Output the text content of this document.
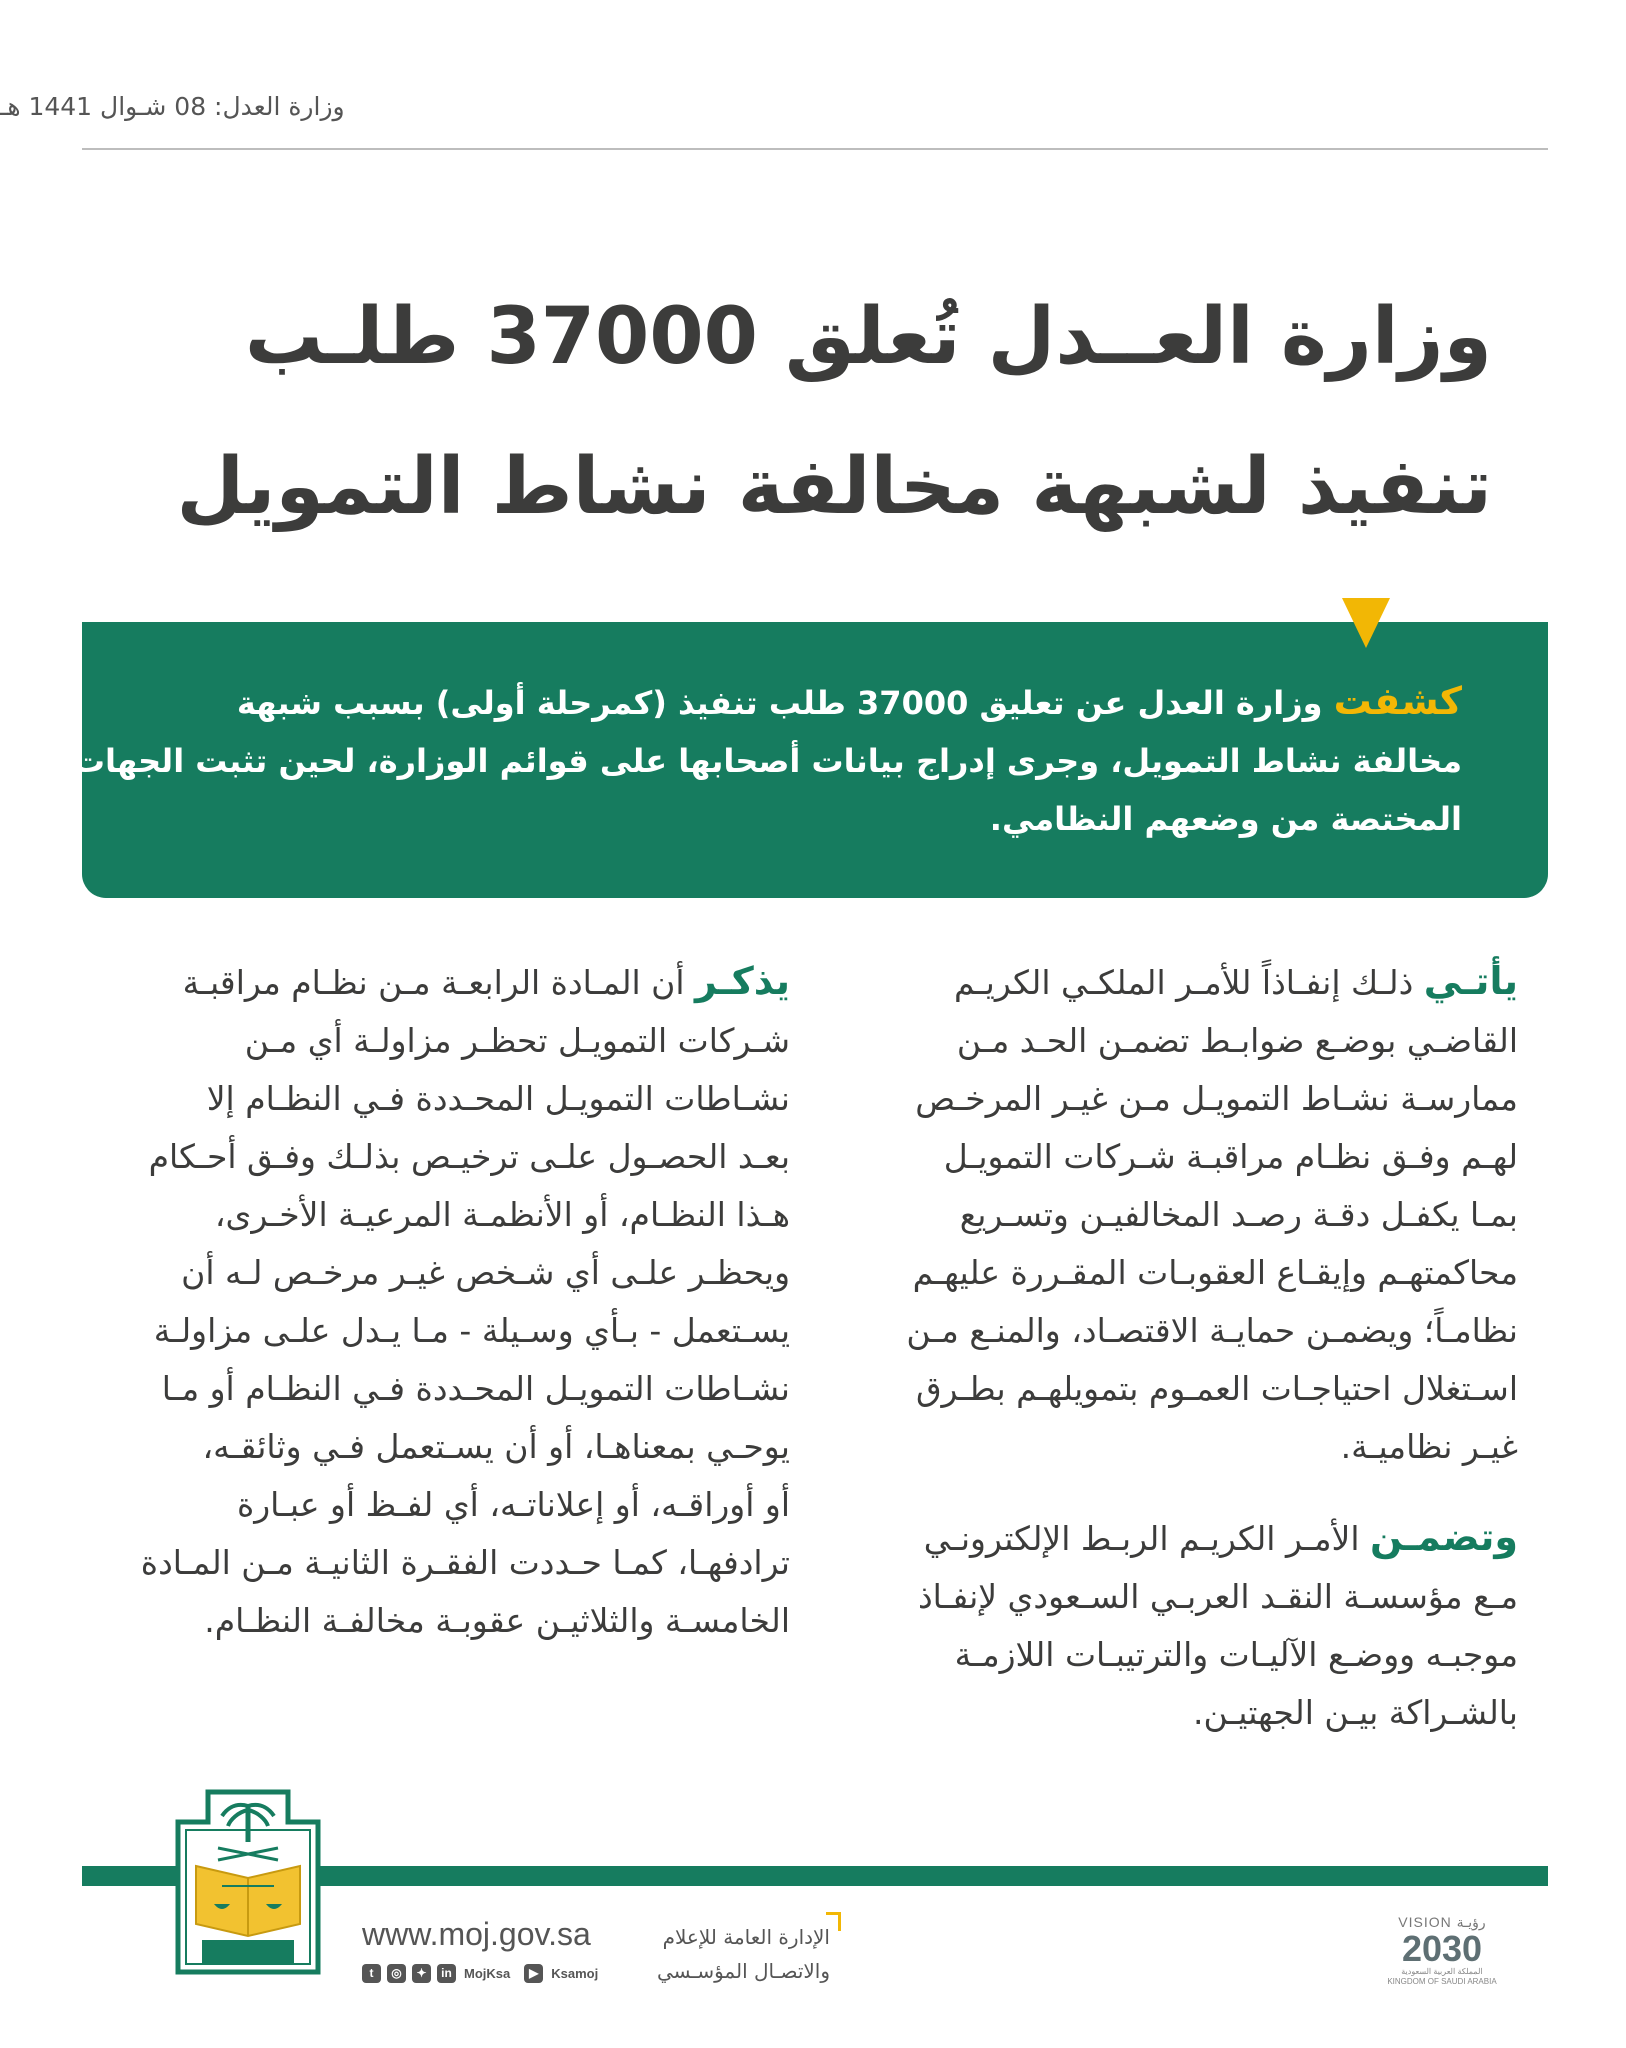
وزارة العدل: 08 شـوال 1441 هـ
وزارة العــدل تُعلق 37000 طلـب
تنفيذ لشبهة مخالفة نشاط التمويل
كشفت وزارة العدل عن تعليق 37000 طلب تنفيذ (كمرحلة أولى) بسبب شبهة
مخالفة نشاط التمويل، وجرى إدراج بيانات أصحابها على قوائم الوزارة، لحين تثبت الجهات
المختصة من وضعهم النظامي.
يأتـي ذلـك إنفـاذاً للأمـر الملكـي الكريـم
القاضـي بوضـع ضوابـط تضمـن الحـد مـن
ممارسـة نشـاط التمويـل مـن غيـر المرخـص
لهـم وفـق نظـام مراقبـة شـركات التمويـل
بمـا يكفـل دقـة رصـد المخالفيـن وتسـريع
محاكمتهـم وإيقـاع العقوبـات المقـررة عليهـم
نظامـاً؛ ويضمـن حمايـة الاقتصـاد، والمنـع مـن
اسـتغلال احتياجـات العمـوم بتمويلهـم بطـرق
غيـر نظاميـة.
وتضمـن الأمـر الكريـم الربـط الإلكترونـي
مـع مؤسسـة النقـد العربـي السـعودي لإنفـاذ
موجبـه ووضـع الآليـات والترتيبـات اللازمـة
بالشـراكة بيـن الجهتيـن.
يذكـر أن المـادة الرابعـة مـن نظـام مراقبـة
شـركات التمويـل تحظـر مزاولـة أي مـن
نشـاطات التمويـل المحـددة فـي النظـام إلا
بعـد الحصـول علـى ترخيـص بذلـك وفـق أحـكام
هـذا النظـام، أو الأنظمـة المرعيـة الأخـرى،
ويحظـر علـى أي شـخص غيـر مرخـص لـه أن
يسـتعمل - بـأي وسـيلة - مـا يـدل علـى مزاولـة
نشـاطات التمويـل المحـددة فـي النظـام أو مـا
يوحـي بمعناهـا، أو أن يسـتعمل فـي وثائقـه،
أو أوراقـه، أو إعلاناتـه، أي لفـظ أو عبـارة
ترادفهـا، كمـا حـددت الفقـرة الثانيـة مـن المـادة
الخامسـة والثلاثيـن عقوبـة مخالفـة النظـام.
www.moj.gov.sa
t	◎	✦	in MojKsa	▶ Ksamoj
الإدارة العامة للإعلام
والاتصـال المؤسـسي
VISION رؤيـة
2030
المملكة العربية السعودية
KINGDOM OF SAUDI ARABIA
